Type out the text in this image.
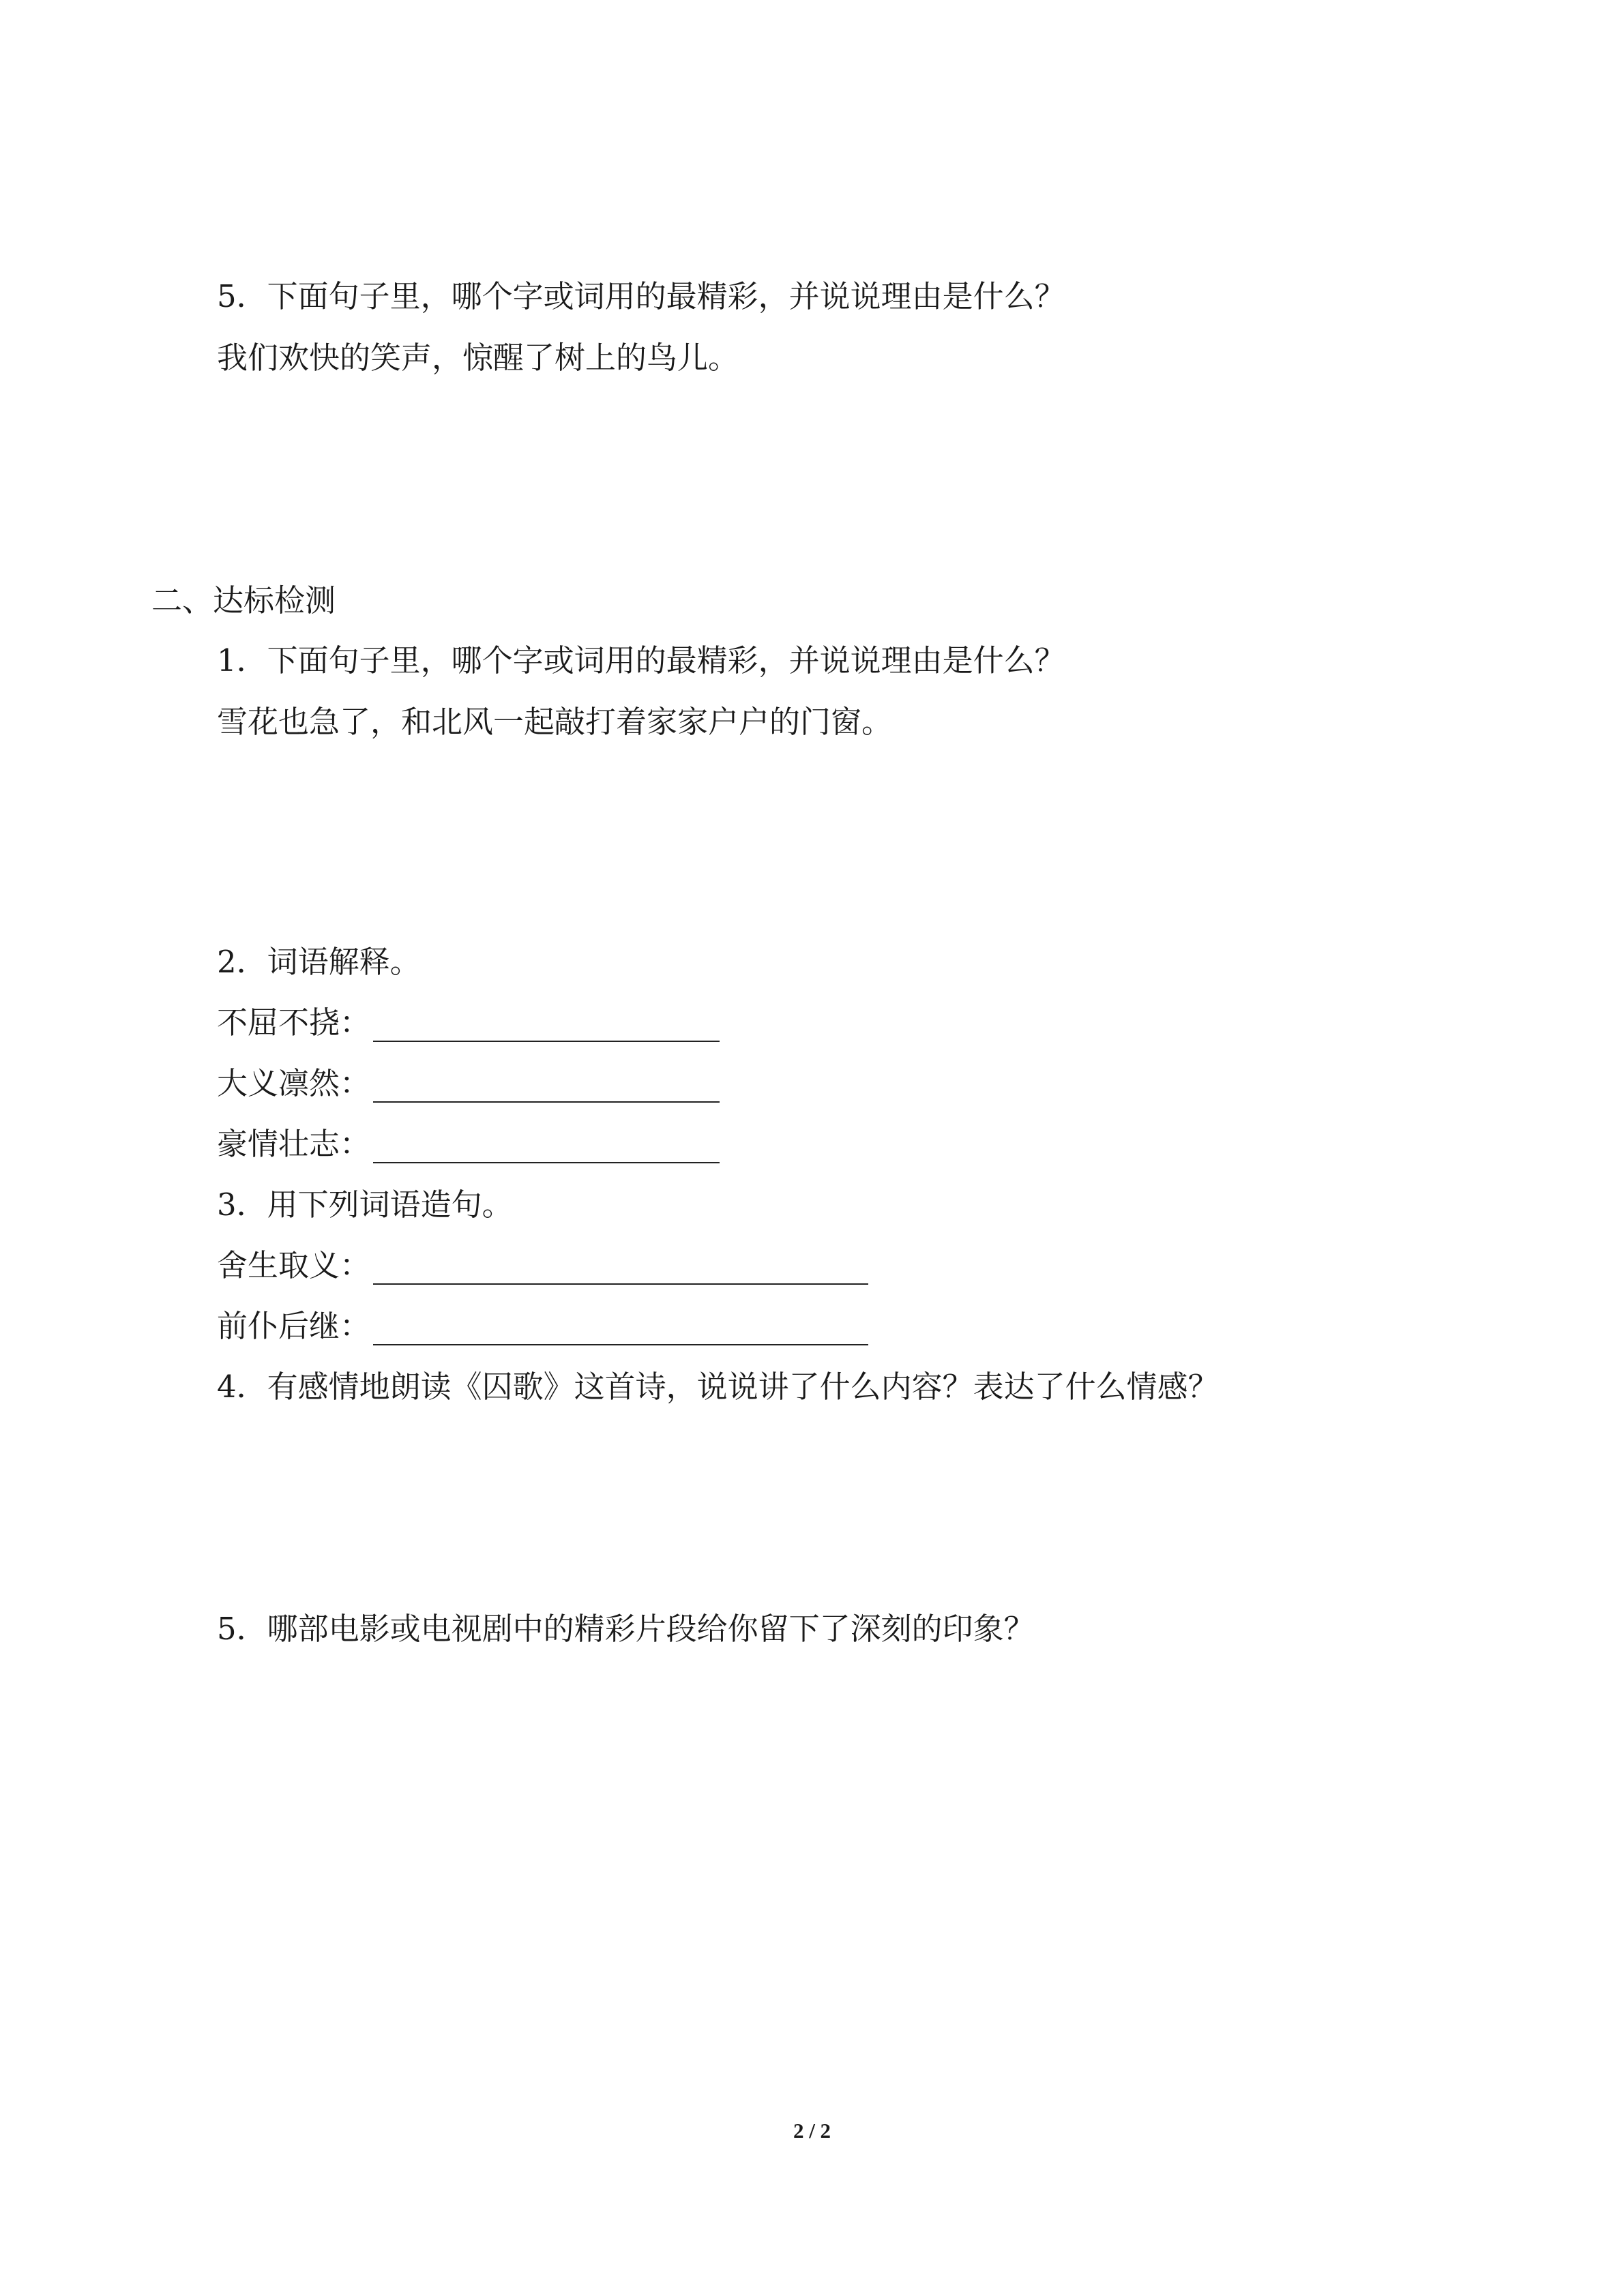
5．下面句子里，哪个字或词用的最精彩，并说说理由是什么？
我们欢快的笑声，惊醒了树上的鸟儿。
二、达标检测
1．下面句子里，哪个字或词用的最精彩，并说说理由是什么？
雪花也急了，和北风一起敲打着家家户户的门窗。
2．词语解释。
不屈不挠：
大义凛然：
豪情壮志：
3．用下列词语造句。
舍生取义：
前仆后继：
4．有感情地朗读《囚歌》这首诗，说说讲了什么内容？表达了什么情感？
5．哪部电影或电视剧中的精彩片段给你留下了深刻的印象？
2 / 2
